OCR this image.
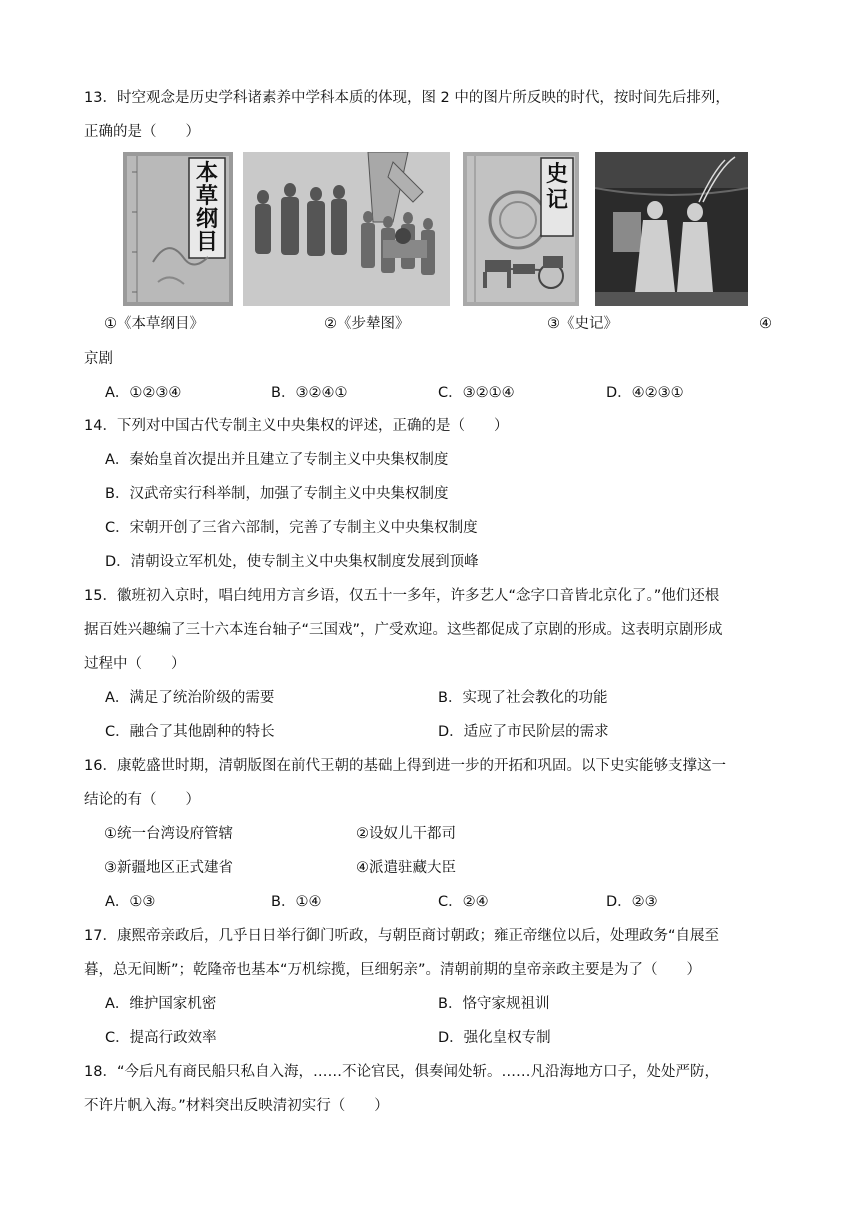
13．时空观念是历史学科诸素养中学科本质的体现，图 2 中的图片所反映的时代，按时间先后排列，
正确的是（　　）
本草纲目
史记
①《本草纲目》	②《步辇图》	③《史记》	④
京剧
A．①②③④	B．③②④①	C．③②①④	D．④②③①
14．下列对中国古代专制主义中央集权的评述，正确的是（　　）
A．秦始皇首次提出并且建立了专制主义中央集权制度
B．汉武帝实行科举制，加强了专制主义中央集权制度
C．宋朝开创了三省六部制，完善了专制主义中央集权制度
D．清朝设立军机处，使专制主义中央集权制度发展到顶峰
15．徽班初入京时，唱白纯用方言乡语，仅五十一多年，许多艺人“念字口音皆北京化了。”他们还根
据百姓兴趣编了三十六本连台轴子“三国戏”，广受欢迎。这些都促成了京剧的形成。这表明京剧形成
过程中（　　）
A．满足了统治阶级的需要	B．实现了社会教化的功能
C．融合了其他剧种的特长	D．适应了市民阶层的需求
16．康乾盛世时期，清朝版图在前代王朝的基础上得到进一步的开拓和巩固。以下史实能够支撑这一
结论的有（　　）
①统一台湾设府管辖	②设奴儿干都司
③新疆地区正式建省	④派遣驻藏大臣
A．①③	B．①④	C．②④	D．②③
17．康熙帝亲政后，几乎日日举行御门听政，与朝臣商讨朝政；雍正帝继位以后，处理政务“自展至
暮，总无间断”；乾隆帝也基本“万机综揽，巨细躬亲”。清朝前期的皇帝亲政主要是为了（　　）
A．维护国家机密	B．恪守家规祖训
C．提高行政效率	D．强化皇权专制
18．“今后凡有商民船只私自入海，……不论官民，俱奏闻处斩。……凡沿海地方口子，处处严防，
不许片帆入海。”材料突出反映清初实行（　　）
